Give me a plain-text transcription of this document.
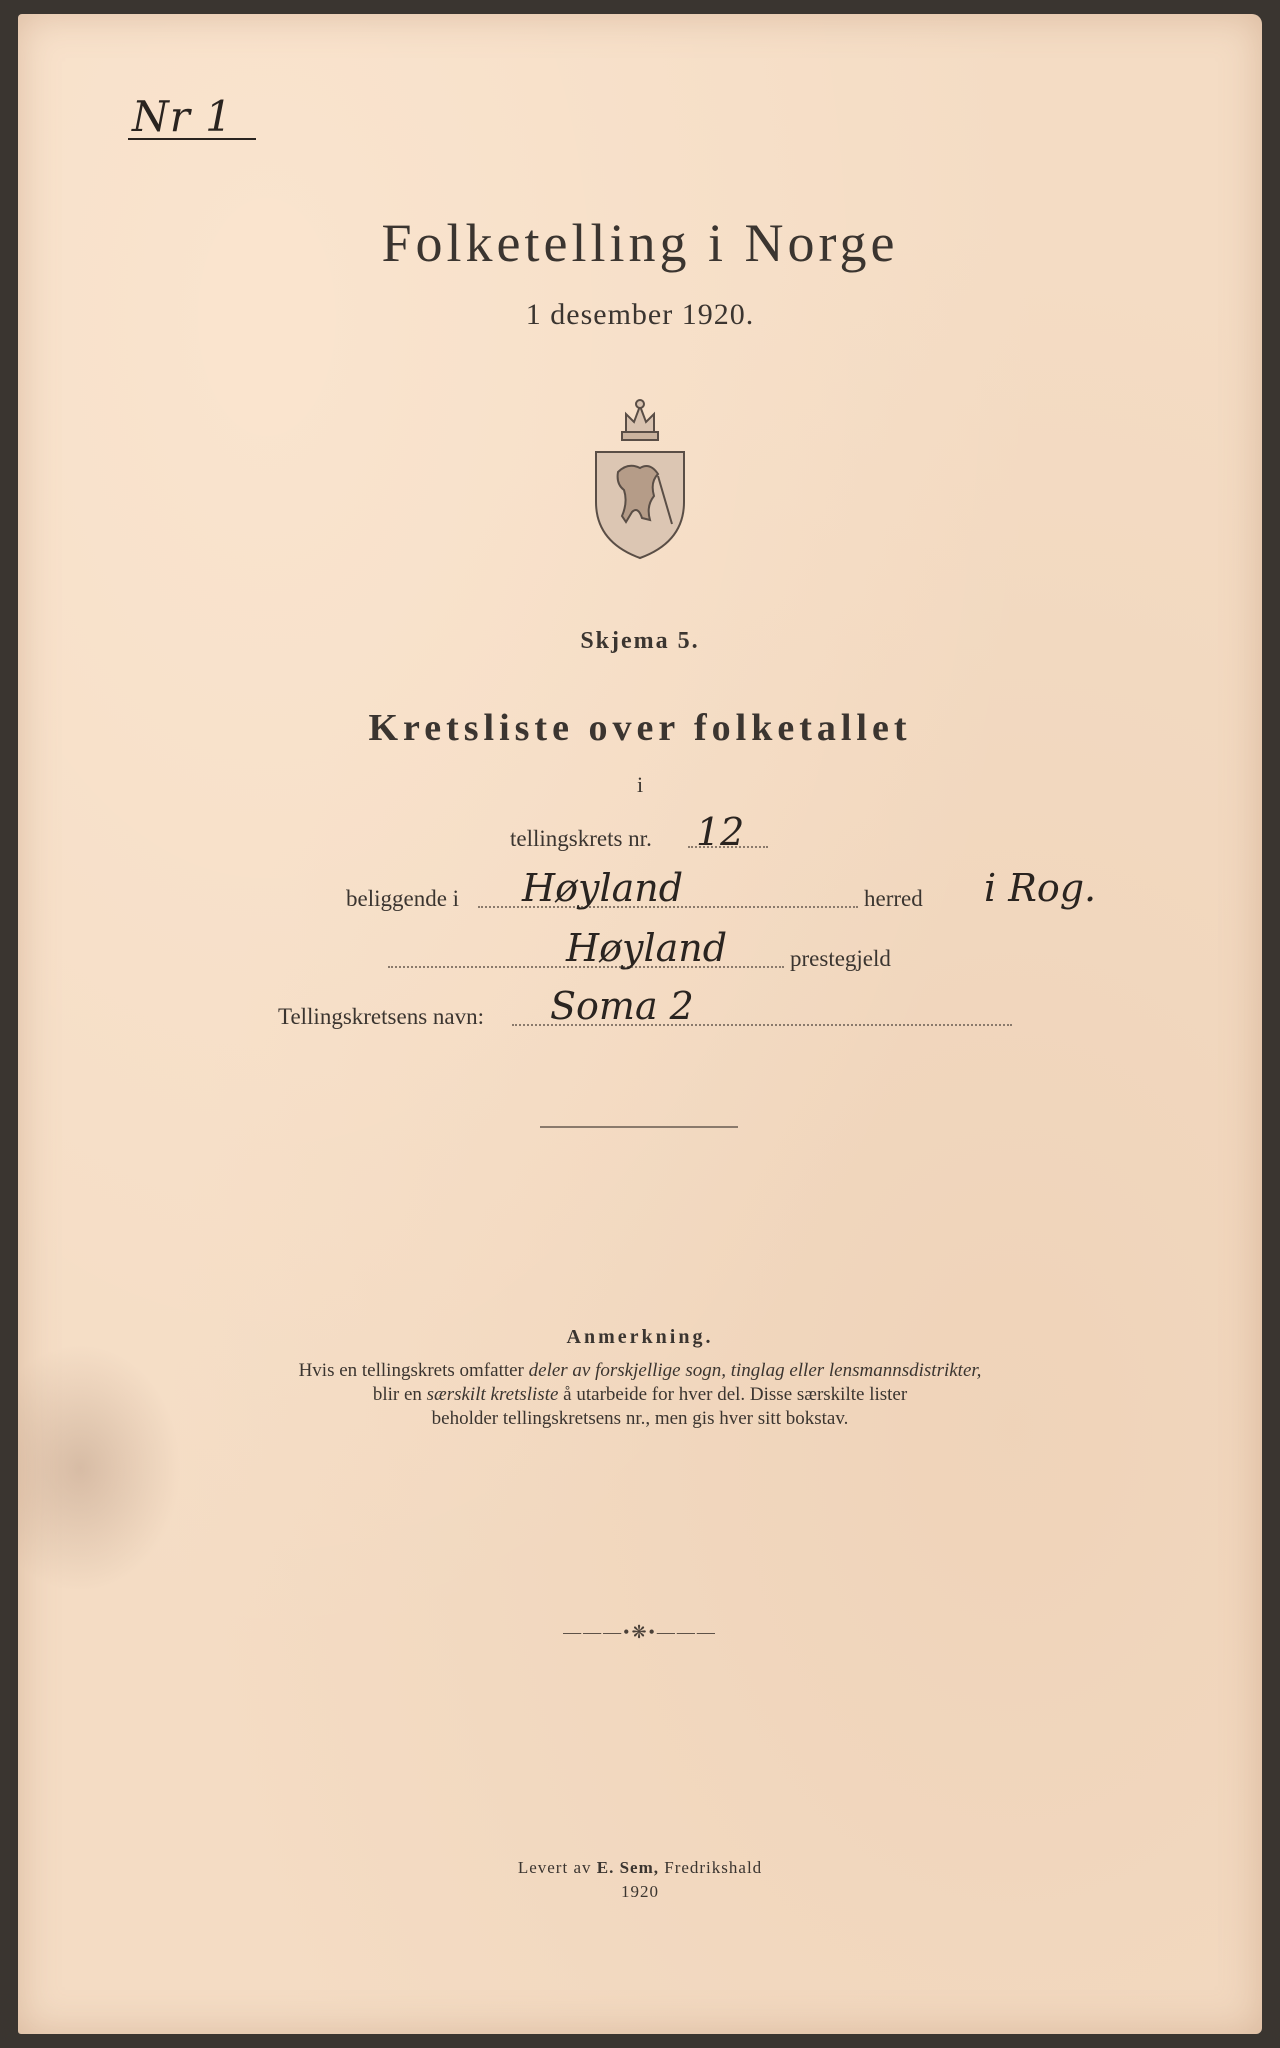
Nr 1
Folketelling i Norge
1 desember 1920.
Skjema 5.
Kretsliste over folketallet
i
tellingskrets nr. 12
beliggende i Høyland	herred i Rog.
Høyland	prestegjeld
Tellingskretsens navn: Soma 2
Anmerkning.
Hvis en tellingskrets omfatter deler av forskjellige sogn, tinglag eller lensmannsdistrikter,
blir en særskilt kretsliste å utarbeide for hver del. Disse særskilte lister
beholder tellingskretsens nr., men gis hver sitt bokstav.
———•❋•———
Levert av E. Sem, Fredrikshald
1920
